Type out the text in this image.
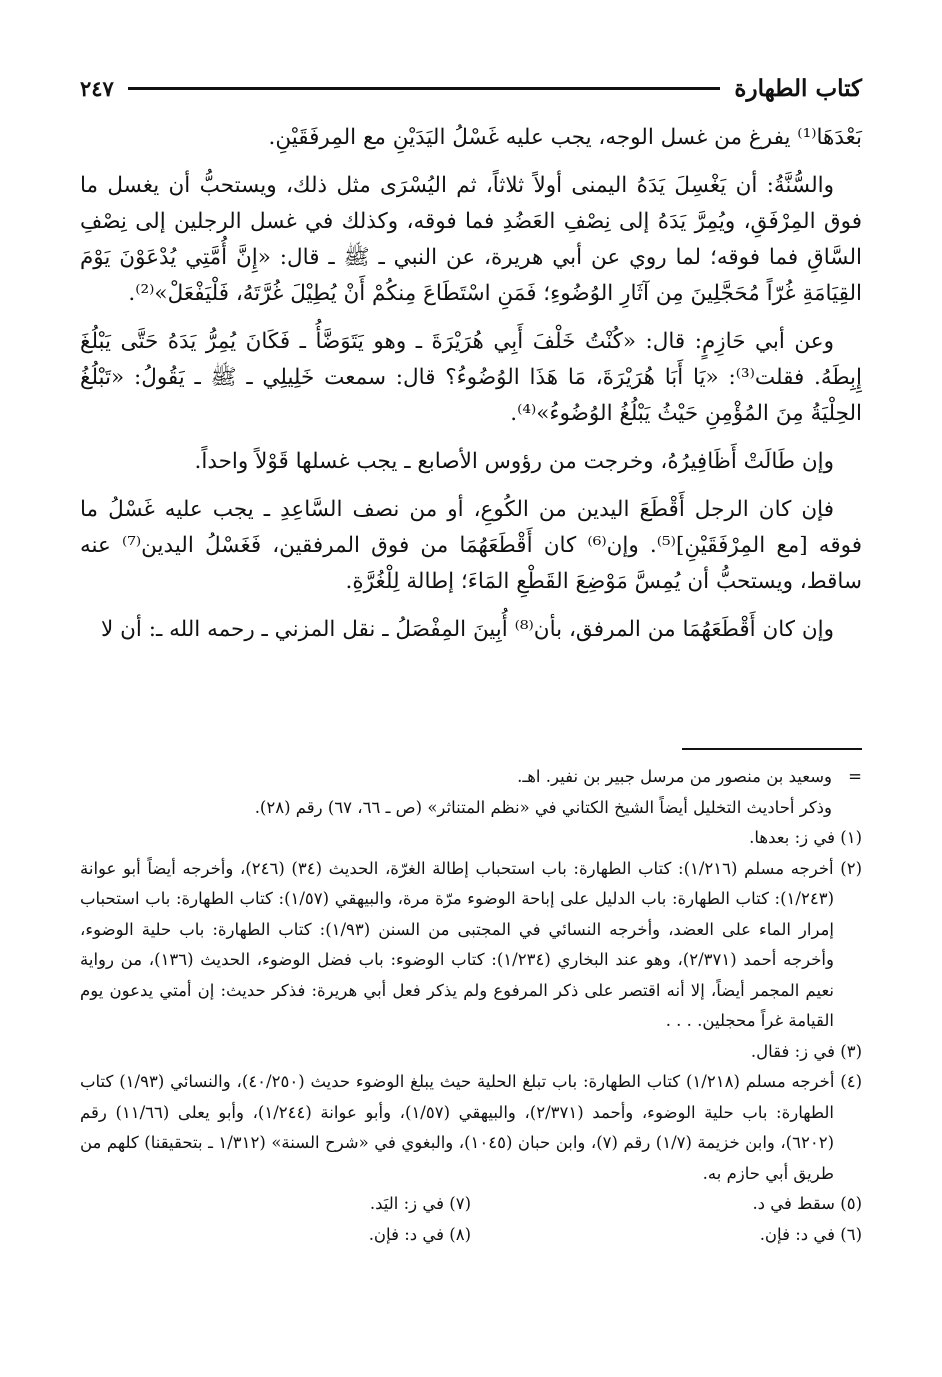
كتاب الطهارة
٢٤٧

بَعْدَهَا⁽¹⁾ يفرغ من غسل الوجه، يجب عليه غَسْلُ اليَدَيْنِ مع المِرفَقَيْنِ.

والسُّنَّةُ: أن يَغْسِلَ يَدَهُ اليمنى أولاً ثلاثاً، ثم اليُسْرَى مثل ذلك، ويستحبُّ أن يغسل ما فوق المِرْفَقِ، ويُمِرَّ يَدَهُ إلى نِصْفِ العَضُدِ فما فوقه، وكذلك في غسل الرجلين إلى نِصْفِ السَّاقِ فما فوقه؛ لما روي عن أبي هريرة، عن النبي ـ ﷺ ـ قال: «إِنَّ أُمَّتِي يُدْعَوْنَ يَوْمَ القِيَامَةِ غُرّاً مُحَجَّلِينَ مِن آثَارِ الوُضُوءِ؛ فَمَنِ اسْتَطَاعَ مِنكُمْ أَنْ يُطِيْلَ غُرَّتَهُ، فَلْيَفْعَلْ»⁽²⁾.

وعن أبي حَازِمٍ: قال: «كُنْتُ خَلْفَ أَبِي هُرَيْرَةَ ـ وهو يَتَوَضَّأُ ـ فَكَانَ يُمِرُّ يَدَهُ حَتَّى يَبْلُغَ إِبِطَهُ. فقلت⁽³⁾: «يَا أَبَا هُرَيْرَةَ، مَا هَذَا الوُضُوءُ؟ قال: سمعت خَلِيلِي ـ ﷺ ـ يَقُولُ: «تَبْلُغُ الحِلْيَةُ مِنَ المُؤْمِنِ حَيْثُ يَبْلُغُ الوُضُوءُ»⁽⁴⁾.

وإن طَالَتْ أَظَافِيرُهُ، وخرجت من رؤوس الأصابع ـ يجب غسلها قَوْلاً واحداً.

فإن كان الرجل أَقْطَعَ اليدين من الكُوعِ، أو من نصف السَّاعِدِ ـ يجب عليه غَسْلُ ما فوقه [مع المِرْفَقَيْنِ]⁽⁵⁾. وإن⁽⁶⁾ كان أَقْطَعَهُمَا من فوق المرفقين، فَغَسْلُ اليدين⁽⁷⁾ عنه ساقط، ويستحبُّ أن يُمِسَّ مَوْضِعَ القَطْعِ المَاءَ؛ إطالة لِلْغُرَّةِ.

وإن كان أَقْطَعَهُمَا من المرفق، بأن⁽⁸⁾ أُبِينَ المِفْصَلُ ـ نقل المزني ـ رحمه الله ـ: أن لا

=
وسعيد بن منصور من مرسل جبير بن نفير. اهـ.

وذكر أحاديث التخليل أيضاً الشيخ الكتاني في «نظم المتناثر» (ص ـ ٦٦، ٦٧) رقم (٢٨).

(١) في ز: بعدها.

(٢) أخرجه مسلم (١/٢١٦): كتاب الطهارة: باب استحباب إطالة الغرّة، الحديث (٣٤) (٢٤٦)، وأخرجه أيضاً أبو عوانة (١/٢٤٣): كتاب الطهارة: باب الدليل على إباحة الوضوء مرّة مرة، والبيهقي (١/٥٧): كتاب الطهارة: باب استحباب إمرار الماء على العضد، وأخرجه النسائي في المجتبى من السنن (١/٩٣): كتاب الطهارة: باب حلية الوضوء، وأخرجه أحمد (٢/٣٧١)، وهو عند البخاري (١/٢٣٤): كتاب الوضوء: باب فضل الوضوء، الحديث (١٣٦)، من رواية نعيم المجمر أيضاً، إلا أنه اقتصر على ذكر المرفوع ولم يذكر فعل أبي هريرة: فذكر حديث: إن أمتي يدعون يوم القيامة غراً محجلين. . . .

(٣) في ز: فقال.

(٤) أخرجه مسلم (١/٢١٨) كتاب الطهارة: باب تبلغ الحلية حيث يبلغ الوضوء حديث (٤٠/٢٥٠)، والنسائي (١/٩٣) كتاب الطهارة: باب حلية الوضوء، وأحمد (٢/٣٧١)، والبيهقي (١/٥٧)، وأبو عوانة (١/٢٤٤)، وأبو يعلى (١١/٦٦) رقم (٦٢٠٢)، وابن خزيمة (١/٧) رقم (٧)، وابن حبان (١٠٤٥)، والبغوي في «شرح السنة» (١/٣١٢ ـ بتحقيقنا) كلهم من طريق أبي حازم به.

(٥) سقط في د.
(٧) في ز: اليَد.
(٦) في د: فإن.
(٨) في د: فإن.
